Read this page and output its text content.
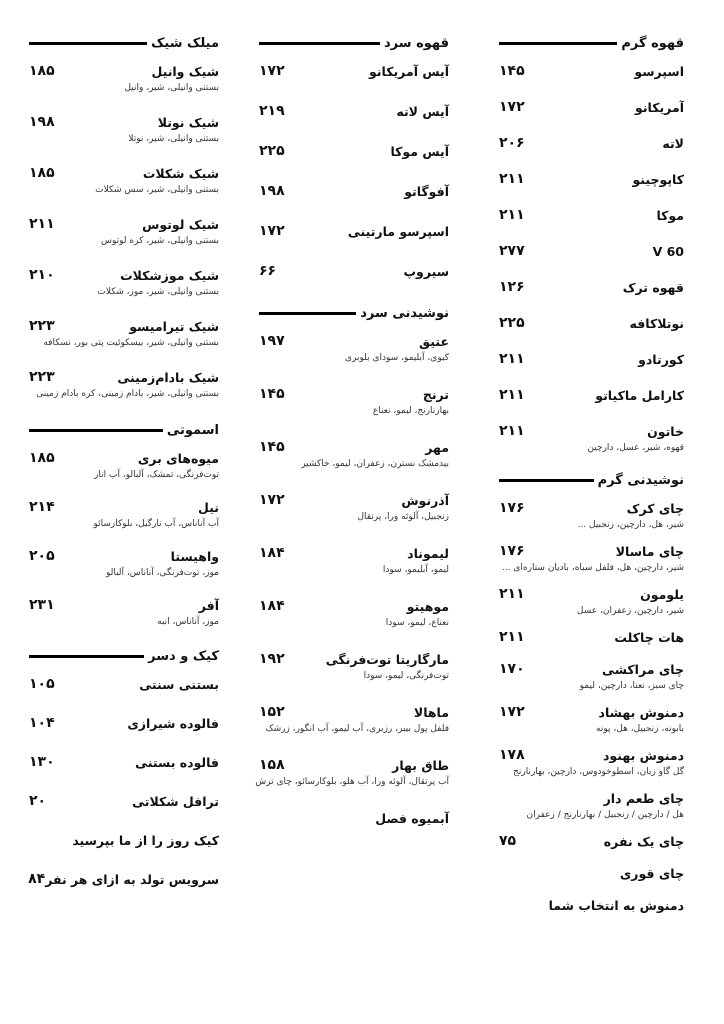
قهوه گرم
اسپرسو
۱۴۵
آمریکانو
۱۷۲
لاته
۲۰۶
کاپوچینو
۲۱۱
موکا
۲۱۱
V 60
۲۷۷
قهوه ترک
۱۲۶
نوتلاکافه
۲۲۵
کورتادو
۲۱۱
کارامل ماکیاتو
۲۱۱
خاتون
۲۱۱
قهوه، شیر، عسل، دارچین
نوشیدنی گرم
چای کرک
۱۷۶
شیر، هل، دارچین، زنجبیل ...
چای ماسالا
۱۷۶
شیر، دارچین، هل، فلفل سیاه، بادیان ستاره‌ای ...
یلومون
۲۱۱
شیر، دارچین، زعفران، عسل
هات چاکلت
۲۱۱
چای مراکشی
۱۷۰
چای سبز، نعنا، دارچین، لیمو
دمنوش بهشاد
۱۷۲
بابونه، زنجبیل، هل، پونه
دمنوش بهنود
۱۷۸
گل گاو زبان، اسطوخودوس، دارچین، بهارنارنج
چای طعم دار
هل / دارچین / زنجبیل / بهارنارنج / زعفران
چای یک نفره
۷۵
چای قوری
دمنوش به انتخاب شما
قهوه سرد
آیس آمریکانو
۱۷۲
آیس لاته
۲۱۹
آیس موکا
۲۲۵
آفوگاتو
۱۹۸
اسپرسو مارتینی
۱۷۲
سیروپ
۶۶
نوشیدنی سرد
عتیق
۱۹۷
کیوی، آبلیمو، سودای بلوبری
ترنج
۱۴۵
بهارنارنج، لیمو، نعناع
مهر
۱۴۵
بیدمشک نسترن، زعفران، لیمو، خاکشیر
آذرنوش
۱۷۲
زنجبیل، آلوئه ورا، پرتقال
لیموناد
۱۸۴
لیمو، آبلیمو، سودا
موهیتو
۱۸۴
نعناع، لیمو، سودا
مارگاریتا توت‌فرنگی
۱۹۲
توت‌فرنگی، لیمو، سودا
ماهالا
۱۵۲
فلفل پول بیبر، رزبری، آب لیمو، آب انگور، زرشک
طاق بهار
۱۵۸
آب پرتقال، آلوئه ورا، آب هلو، بلوکارسائو، چای ترش
آبمیوه فصل
میلک شیک
شیک وانیل
۱۸۵
بستنی وانیلی، شیر، وانیل
شیک نوتلا
۱۹۸
بستنی وانیلی، شیر، نوتلا
شیک شکلات
۱۸۵
بستنی وانیلی، شیر، سس شکلات
شیک لوتوس
۲۱۱
بستنی وانیلی، شیر، کره لوتوس
شیک موزشکلات
۲۱۰
بستنی وانیلی، شیر، موز، شکلات
شیک تیرامیسو
۲۲۳
بستنی وانیلی، شیر، بیسکوئیت پتی بور، نسکافه
شیک بادام‌زمینی
۲۲۳
بستنی وانیلی، شیر، بادام زمینی، کره بادام زمینی
اسموتی
میوه‌های بری
۱۸۵
توت‌فرنگی، تمشک، آلبالو، آب انار
نیل
۲۱۴
آب آناناس، آب نارگیل، بلوکارسائو
واهیستا
۲۰۵
موز، توت‌فرنگی، آناناس، آلبالو
آفر
۲۳۱
موز، آناناس، انبه
کیک و دسر
بستنی سنتی
۱۰۵
فالوده شیرازی
۱۰۴
فالوده بستنی
۱۳۰
ترافل شکلاتی
۲۰
کیک روز را از ما بپرسید
سرویس تولد به ازای هر نفر
۸۴
